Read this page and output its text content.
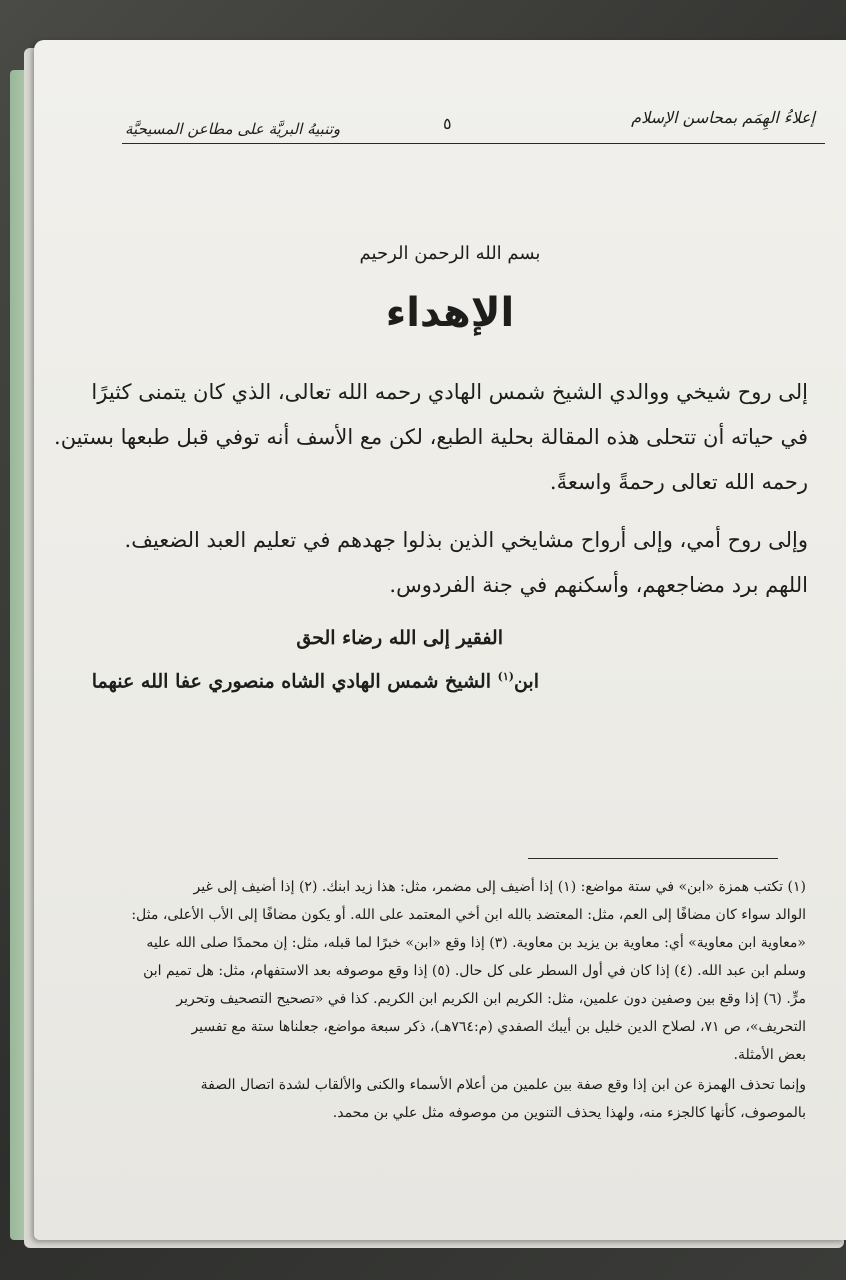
إعلاءُ الهِمَم بمحاسن الإسلام
٥
وتنبيهُ البريَّة على مطاعن المسيحيَّة
بسم الله الرحمن الرحيم
الإهداء
إلى روح شيخي ووالدي الشيخ شمس الهادي رحمه الله تعالى، الذي كان يتمنى كثيرًا
في حياته أن تتحلى هذه المقالة بحلية الطبع، لكن مع الأسف أنه توفي قبل طبعها بستين.
رحمه الله تعالى رحمةً واسعةً.
وإلى روح أمي، وإلى أرواح مشايخي الذين بذلوا جهدهم في تعليم العبد الضعيف.
اللهم برد مضاجعهم، وأسكنهم في جنة الفردوس.
الفقير إلى الله رضاء الحق
ابن$^{(١)}$ الشيخ شمس الهادي الشاه منصوري عفا الله عنهما

(١) تكتب همزة «ابن» في ستة مواضع: (١) إذا أضيف إلى مضمر، مثل: هذا زيد ابنك. (٢) إذا أضيف إلى غير

الوالد سواء كان مضافًا إلى العم، مثل: المعتضد بالله ابن أخي المعتمد على الله. أو يكون مضافًا إلى الأب الأعلى، مثل:

«معاوية ابن معاوية» أي: معاوية بن يزيد بن معاوية. (٣) إذا وقع «ابن» خبرًا لما قبله، مثل: إن محمدًا صلى الله عليه

وسلم ابن عبد الله. (٤) إذا كان في أول السطر على كل حال. (٥) إذا وقع موصوفه بعد الاستفهام، مثل: هل تميم ابن

مرٍّ. (٦) إذا وقع بين وصفين دون علمين، مثل: الكريم ابن الكريم ابن الكريم. كذا في «تصحيح التصحيف وتحرير

التحريف»، ص ٧١، لصلاح الدين خليل بن أيبك الصفدي (م:٧٦٤هـ)، ذكر سبعة مواضع، جعلناها ستة مع تفسير

بعض الأمثلة.

وإنما تحذف الهمزة عن ابن إذا وقع صفة بين علمين من أعلام الأسماء والكنى والألقاب لشدة اتصال الصفة

بالموصوف، كأنها كالجزء منه، ولهذا يحذف التنوين من موصوفه مثل علي بن محمد.
